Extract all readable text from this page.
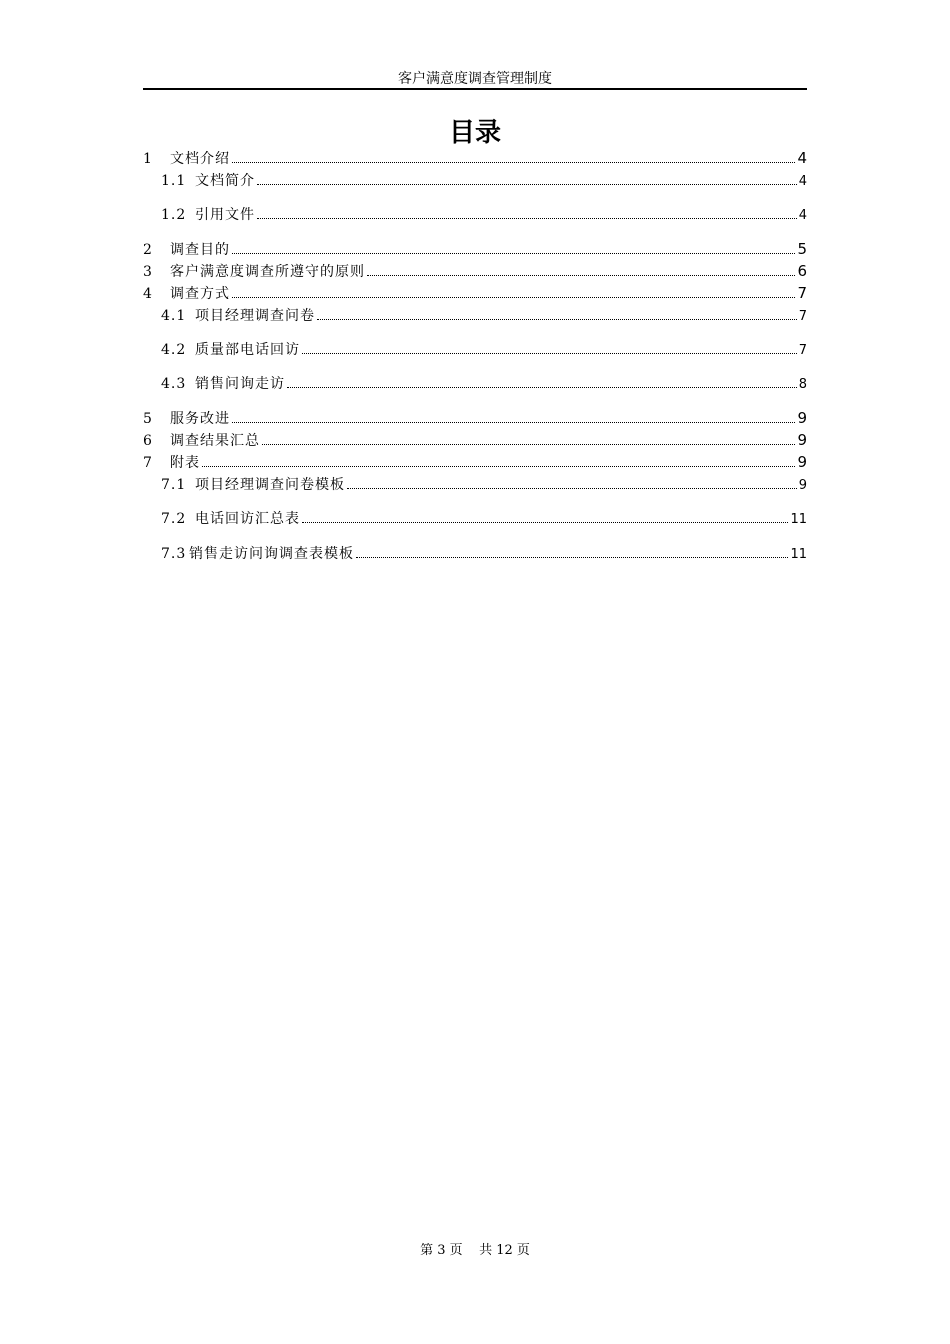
客户满意度调查管理制度
目录
1	文档介绍	4
1.1 文档简介	4
1.2 引用文件	4
2	调查目的	5
3	客户满意度调查所遵守的原则	6
4	调查方式	7
4.1 项目经理调查问卷	7
4.2 质量部电话回访	7
4.3 销售问询走访	8
5	服务改进	9
6	调查结果汇总	9
7	附表	9
7.1 项目经理调查问卷模板	9
7.2 电话回访汇总表	11
7.3 销售走访问询调查表模板	11
第 3 页    共 12 页
